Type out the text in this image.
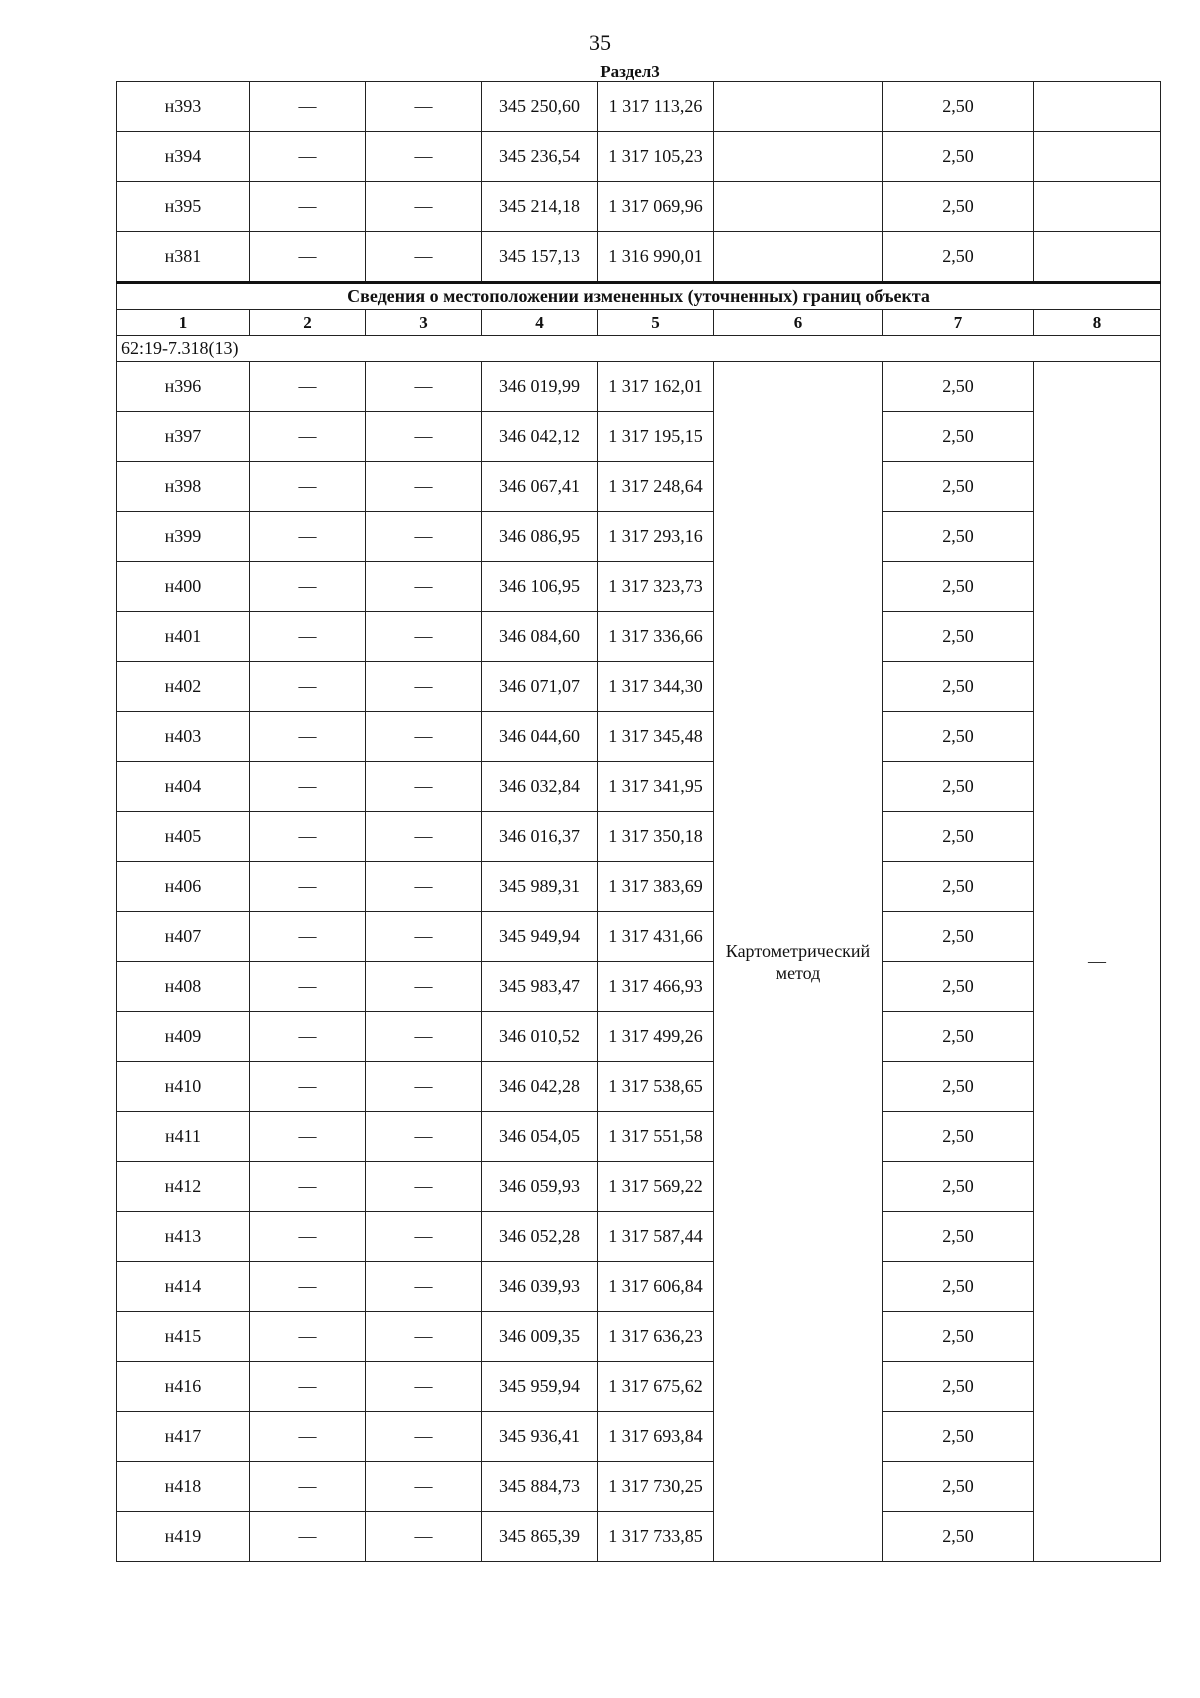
35
Раздел3
н393	—	—	345 250,60	1 317 113,26		2,50	
н394	—	—	345 236,54	1 317 105,23		2,50	
н395	—	—	345 214,18	1 317 069,96		2,50	
н381	—	—	345 157,13	1 316 990,01		2,50	
Сведения о местоположении измененных (уточненных) границ объекта							
1	2	3	4	5	6	7	8
62:19-7.318(13)							
н396	—	—	346 019,99	1 317 162,01	Картометрический метод	2,50	—
н397	—	—	346 042,12	1 317 195,15		2,50	
н398	—	—	346 067,41	1 317 248,64		2,50	
н399	—	—	346 086,95	1 317 293,16		2,50	
н400	—	—	346 106,95	1 317 323,73		2,50	
н401	—	—	346 084,60	1 317 336,66		2,50	
н402	—	—	346 071,07	1 317 344,30		2,50	
н403	—	—	346 044,60	1 317 345,48		2,50	
н404	—	—	346 032,84	1 317 341,95		2,50	
н405	—	—	346 016,37	1 317 350,18		2,50	
н406	—	—	345 989,31	1 317 383,69		2,50	
н407	—	—	345 949,94	1 317 431,66		2,50	
н408	—	—	345 983,47	1 317 466,93		2,50	
н409	—	—	346 010,52	1 317 499,26		2,50	
н410	—	—	346 042,28	1 317 538,65		2,50	
н411	—	—	346 054,05	1 317 551,58		2,50	
н412	—	—	346 059,93	1 317 569,22		2,50	
н413	—	—	346 052,28	1 317 587,44		2,50	
н414	—	—	346 039,93	1 317 606,84		2,50	
н415	—	—	346 009,35	1 317 636,23		2,50	
н416	—	—	345 959,94	1 317 675,62		2,50	
н417	—	—	345 936,41	1 317 693,84		2,50	
н418	—	—	345 884,73	1 317 730,25		2,50	
н419	—	—	345 865,39	1 317 733,85		2,50	
